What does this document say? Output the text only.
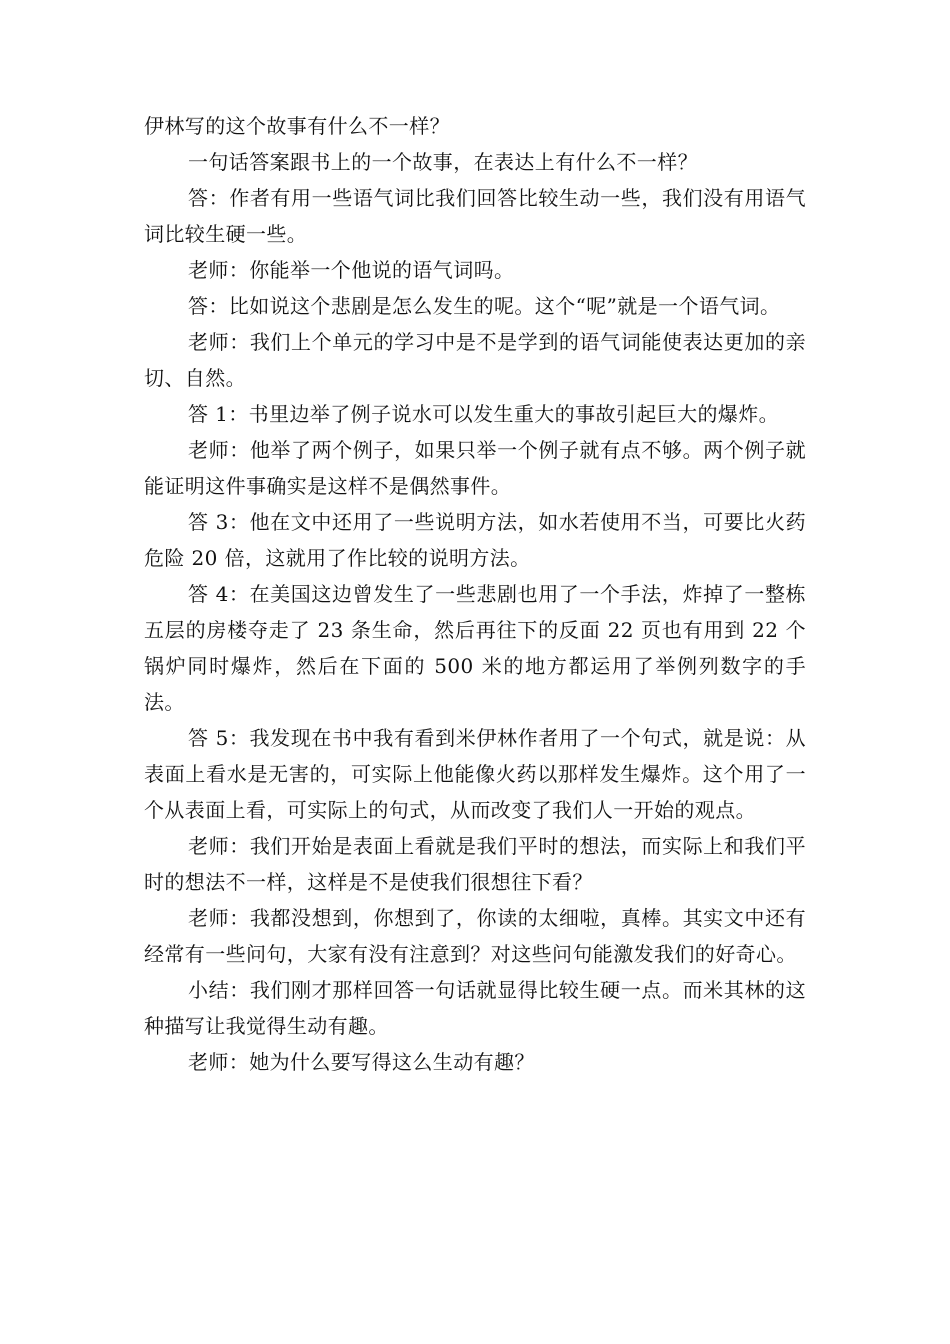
伊林写的这个故事有什么不一样？

一句话答案跟书上的一个故事，在表达上有什么不一样？

答：作者有用一些语气词比我们回答比较生动一些，我们没有用语气词比较生硬一些。

老师：你能举一个他说的语气词吗。

答：比如说这个悲剧是怎么发生的呢。这个“呢”就是一个语气词。

老师：我们上个单元的学习中是不是学到的语气词能使表达更加的亲切、自然。

答 1：书里边举了例子说水可以发生重大的事故引起巨大的爆炸。

老师：他举了两个例子，如果只举一个例子就有点不够。两个例子就能证明这件事确实是这样不是偶然事件。

答 3：他在文中还用了一些说明方法，如水若使用不当，可要比火药危险 20 倍，这就用了作比较的说明方法。

答 4：在美国这边曾发生了一些悲剧也用了一个手法，炸掉了一整栋五层的房楼夺走了 23 条生命，然后再往下的反面 22 页也有用到 22 个锅炉同时爆炸，然后在下面的 500 米的地方都运用了举例列数字的手法。

答 5：我发现在书中我有看到米伊林作者用了一个句式，就是说：从表面上看水是无害的，可实际上他能像火药以那样发生爆炸。这个用了一个从表面上看，可实际上的句式，从而改变了我们人一开始的观点。

老师：我们开始是表面上看就是我们平时的想法，而实际上和我们平时的想法不一样，这样是不是使我们很想往下看？

老师：我都没想到，你想到了，你读的太细啦，真棒。其实文中还有经常有一些问句，大家有没有注意到？对这些问句能激发我们的好奇心。

小结：我们刚才那样回答一句话就显得比较生硬一点。而米其林的这种描写让我觉得生动有趣。

老师：她为什么要写得这么生动有趣？
